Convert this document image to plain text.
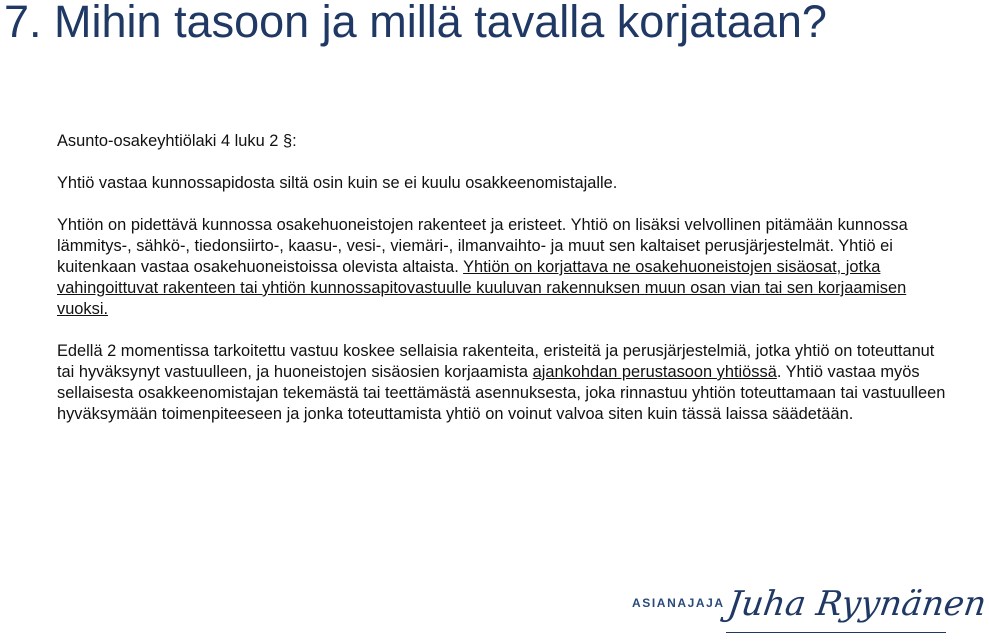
7. Mihin tasoon ja millä tavalla korjataan?

Asunto-osakeyhtiölaki 4 luku 2 §:

Yhtiö vastaa kunnossapidosta siltä osin kuin se ei kuulu osakkeenomistajalle.

Yhtiön on pidettävä kunnossa osakehuoneistojen rakenteet ja eristeet. Yhtiö on lisäksi velvollinen pitämään kunnossa lämmitys-, sähkö-, tiedonsiirto-, kaasu-, vesi-, viemäri-, ilmanvaihto- ja muut sen kaltaiset perusjärjestelmät. Yhtiö ei kuitenkaan vastaa osakehuoneistoissa olevista altaista. Yhtiön on korjattava ne osakehuoneistojen sisäosat, jotka vahingoittuvat rakenteen tai yhtiön kunnossapitovastuulle kuuluvan rakennuksen muun osan vian tai sen korjaamisen vuoksi.

Edellä 2 momentissa tarkoitettu vastuu koskee sellaisia rakenteita, eristeitä ja perusjärjestelmiä, jotka yhtiö on toteuttanut tai hyväksynyt vastuulleen, ja huoneistojen sisäosien korjaamista ajankohdan perustasoon yhtiössä. Yhtiö vastaa myös sellaisesta osakkeenomistajan tekemästä tai teettämästä asennuksesta, joka rinnastuu yhtiön toteuttamaan tai vastuulleen hyväksymään toimenpiteeseen ja jonka toteuttamista yhtiö on voinut valvoa siten kuin tässä laissa säädetään.

ASIANAJAJA Juha Ryynänen
